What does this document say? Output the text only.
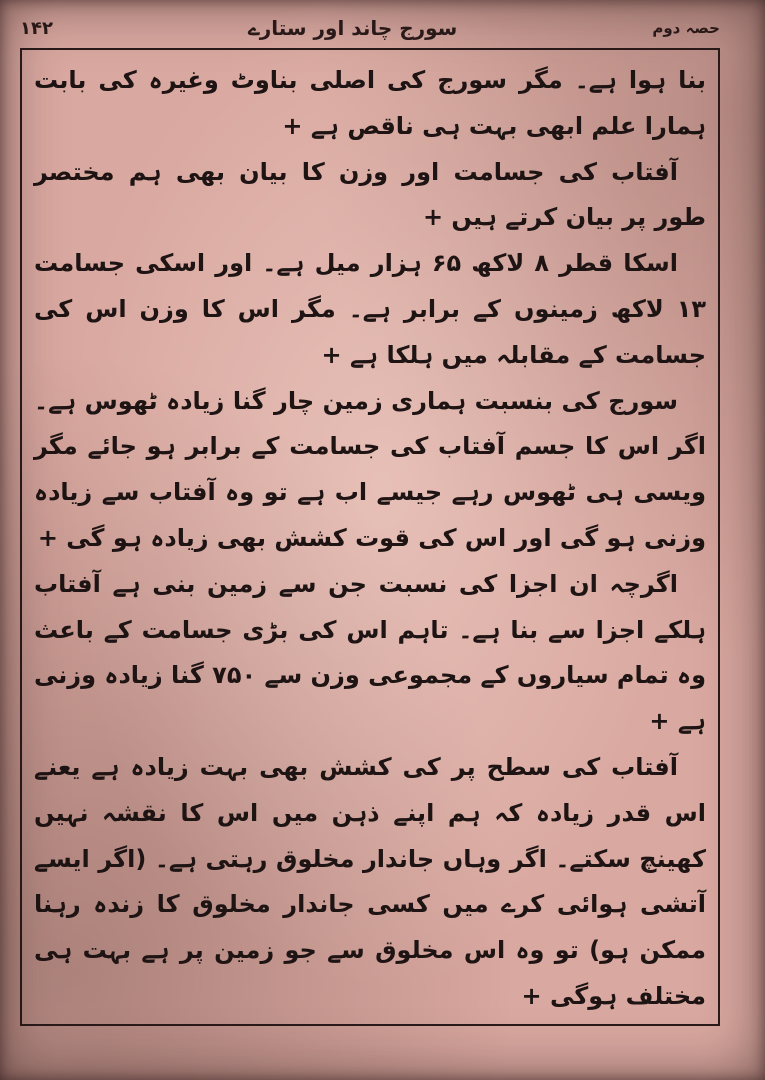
۱۴۲	سورج چاند اور ستارے	حصہ دوم

بنا ہوا ہے۔ مگر سورج کی اصلی بناوٹ وغیرہ کی بابت ہمارا علم ابھی بہت ہی ناقص ہے +

آفتاب کی جسامت اور وزن کا بیان بھی ہم مختصر طور پر بیان کرتے ہیں +

اسکا قطر ۸ لاکھ ۶۵ ہزار میل ہے۔ اور اسکی جسامت ۱۳ لاکھ زمینوں کے برابر ہے۔ مگر اس کا وزن اس کی جسامت کے مقابلہ میں ہلکا ہے +

سورج کی بنسبت ہماری زمین چار گنا زیادہ ٹھوس ہے۔ اگر اس کا جسم آفتاب کی جسامت کے برابر ہو جائے مگر ویسی ہی ٹھوس رہے جیسے اب ہے تو وہ آفتاب سے زیادہ وزنی ہو گی اور اس کی قوت کشش بھی زیادہ ہو گی +

اگرچہ ان اجزا کی نسبت جن سے زمین بنی ہے آفتاب ہلکے اجزا سے بنا ہے۔ تاہم اس کی بڑی جسامت کے باعث وہ تمام سیاروں کے مجموعی وزن سے ۷۵۰ گنا زیادہ وزنی ہے +

آفتاب کی سطح پر کی کشش بھی بہت زیادہ ہے یعنے اس قدر زیادہ کہ ہم اپنے ذہن میں اس کا نقشہ نہیں کھینچ سکتے۔ اگر وہاں جاندار مخلوق رہتی ہے۔ (اگر ایسے آتشی ہوائی کرے میں کسی جاندار مخلوق کا زندہ رہنا ممکن ہو) تو وہ اس مخلوق سے جو زمین پر ہے بہت ہی مختلف ہوگی +
